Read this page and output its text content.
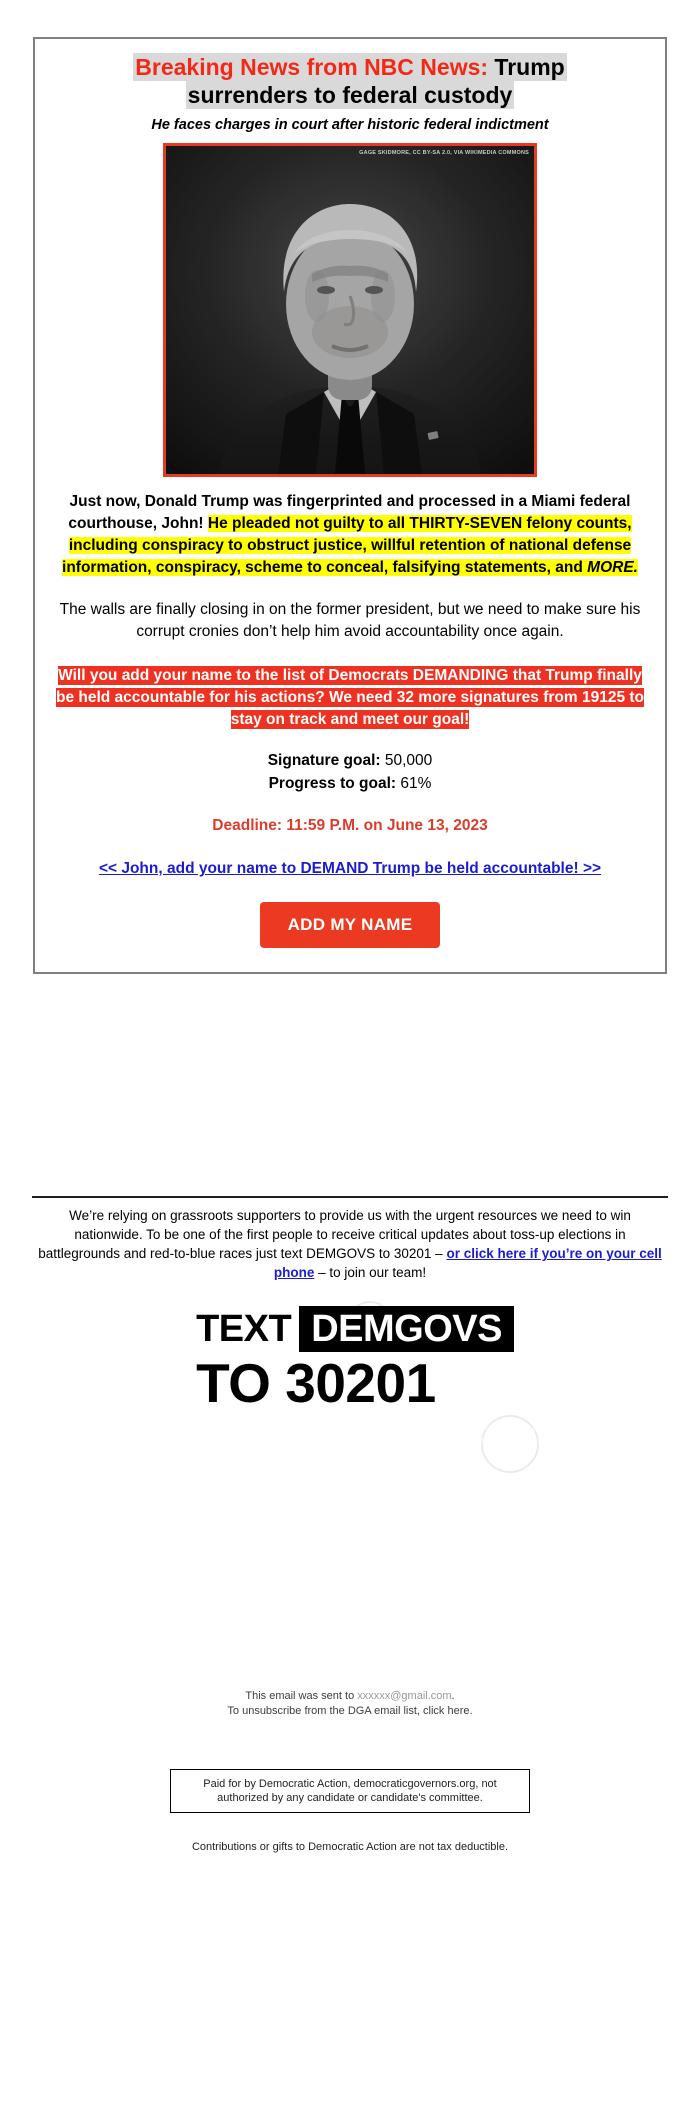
Breaking News from NBC News: Trump
surrenders to federal custody
He faces charges in court after historic federal indictment
GAGE SKIDMORE, CC BY-SA 2.0, VIA WIKIMEDIA COMMONS
Just now, Donald Trump was fingerprinted and processed in a Miami federal courthouse, John! He pleaded not guilty to all THIRTY-SEVEN felony counts, including conspiracy to obstruct justice, willful retention of national defense information, conspiracy, scheme to conceal, falsifying statements, and MORE.
The walls are finally closing in on the former president, but we need to make sure his corrupt cronies don’t help him avoid accountability once again.
Will you add your name to the list of Democrats DEMANDING that Trump finally be held accountable for his actions? We need 32 more signatures from 19125 to stay on track and meet our goal!
Signature goal: 50,000
Progress to goal: 61%
Deadline: 11:59 P.M. on June 13, 2023
<< John, add your name to DEMAND Trump be held accountable! >>
ADD MY NAME
We’re relying on grassroots supporters to provide us with the urgent resources we need to win nationwide. To be one of the first people to receive critical updates about toss-up elections in battlegrounds and red-to-blue races just text DEMGOVS to 30201 – or click here if you’re on your cell phone – to join our team!
TEXT DEMGOVS
TO 30201
By providing your cell phone number you consent to receive recurring text message updates from the Democratic Governors Association, including by automated text messages. Txt HELP for help, STOP to end. Msg&Data rates may apply. Privacy Policy https://democraticgovernors.org/privacy-policy
This email was sent to xxxxxx@gmail.com.
To unsubscribe from the DGA email list, click here.
Paid for by Democratic Action, democraticgovernors.org, not authorized by any candidate or candidate's committee.
Contributions or gifts to Democratic Action are not tax deductible.
